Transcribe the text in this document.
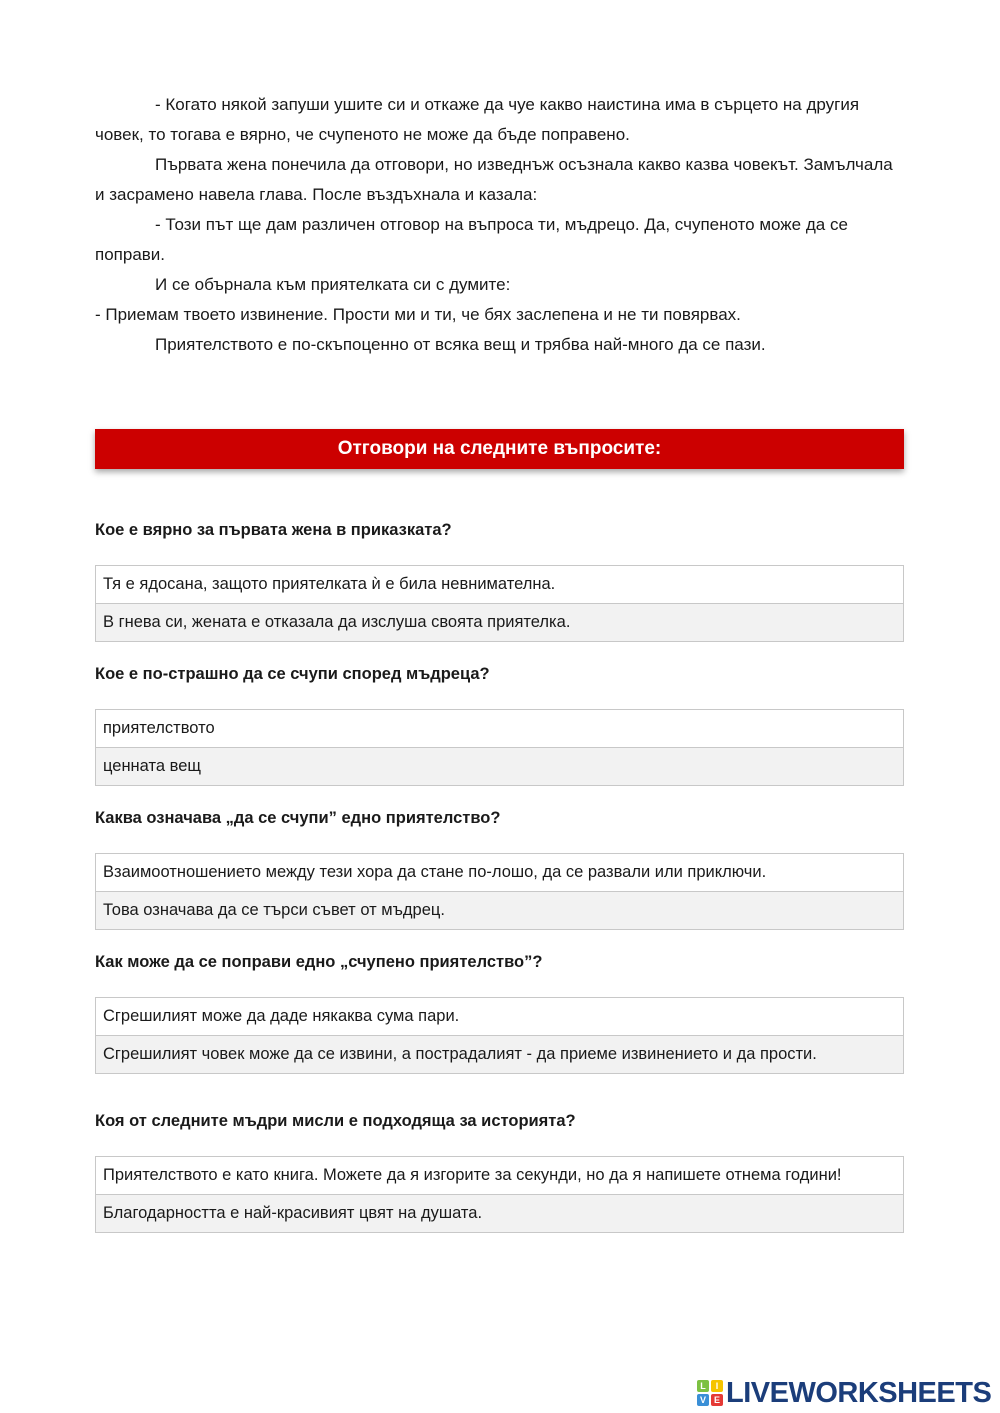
- Когато някой запуши ушите си и откаже да чуе какво наистина има в сърцето на другия човек, то тогава е вярно, че счупеното не може да бъде поправено.

Първата жена понечила да отговори, но изведнъж осъзнала какво казва човекът. Замълчала и засрамено навела глава. После въздъхнала и казала:

- Този път ще дам различен отговор на въпроса ти, мъдрецо. Да, счупеното може да се поправи.

И се обърнала към приятелката си с думите:

- Приемам твоето извинение. Прости ми и ти, че бях заслепена и не ти повярвах.

Приятелството е по-скъпоценно от всяка вещ и трябва най-много да се пази.

Отговори на следните въпросите:
Кое е вярно за първата жена в приказката?
Тя е ядосана, защото приятелката ѝ е била невнимателна.
В гнева си, жената е отказала да изслуша своята приятелка.
Кое е по-страшно да се счупи според мъдреца?
приятелството
ценната вещ
Каква означава „да се счупи” едно приятелство?
Взаимоотношението между тези хора да стане по-лошо, да се развали или приключи.
Това означава да се търси съвет от мъдрец.
Как може да се поправи едно „счупено приятелство”?
Сгрешилият може да даде някаква сума пари.
Сгрешилият човек може да се извини, а пострадалият - да приеме извинението и да прости.
Коя от следните мъдри мисли е подходяща за историята?
Приятелството е като книга. Можете да я изгорите за секунди, но да я напишете отнема години!
Благодарността е най-красивият цвят на душата.
L	I
V E LIVEWORKSHEETS
